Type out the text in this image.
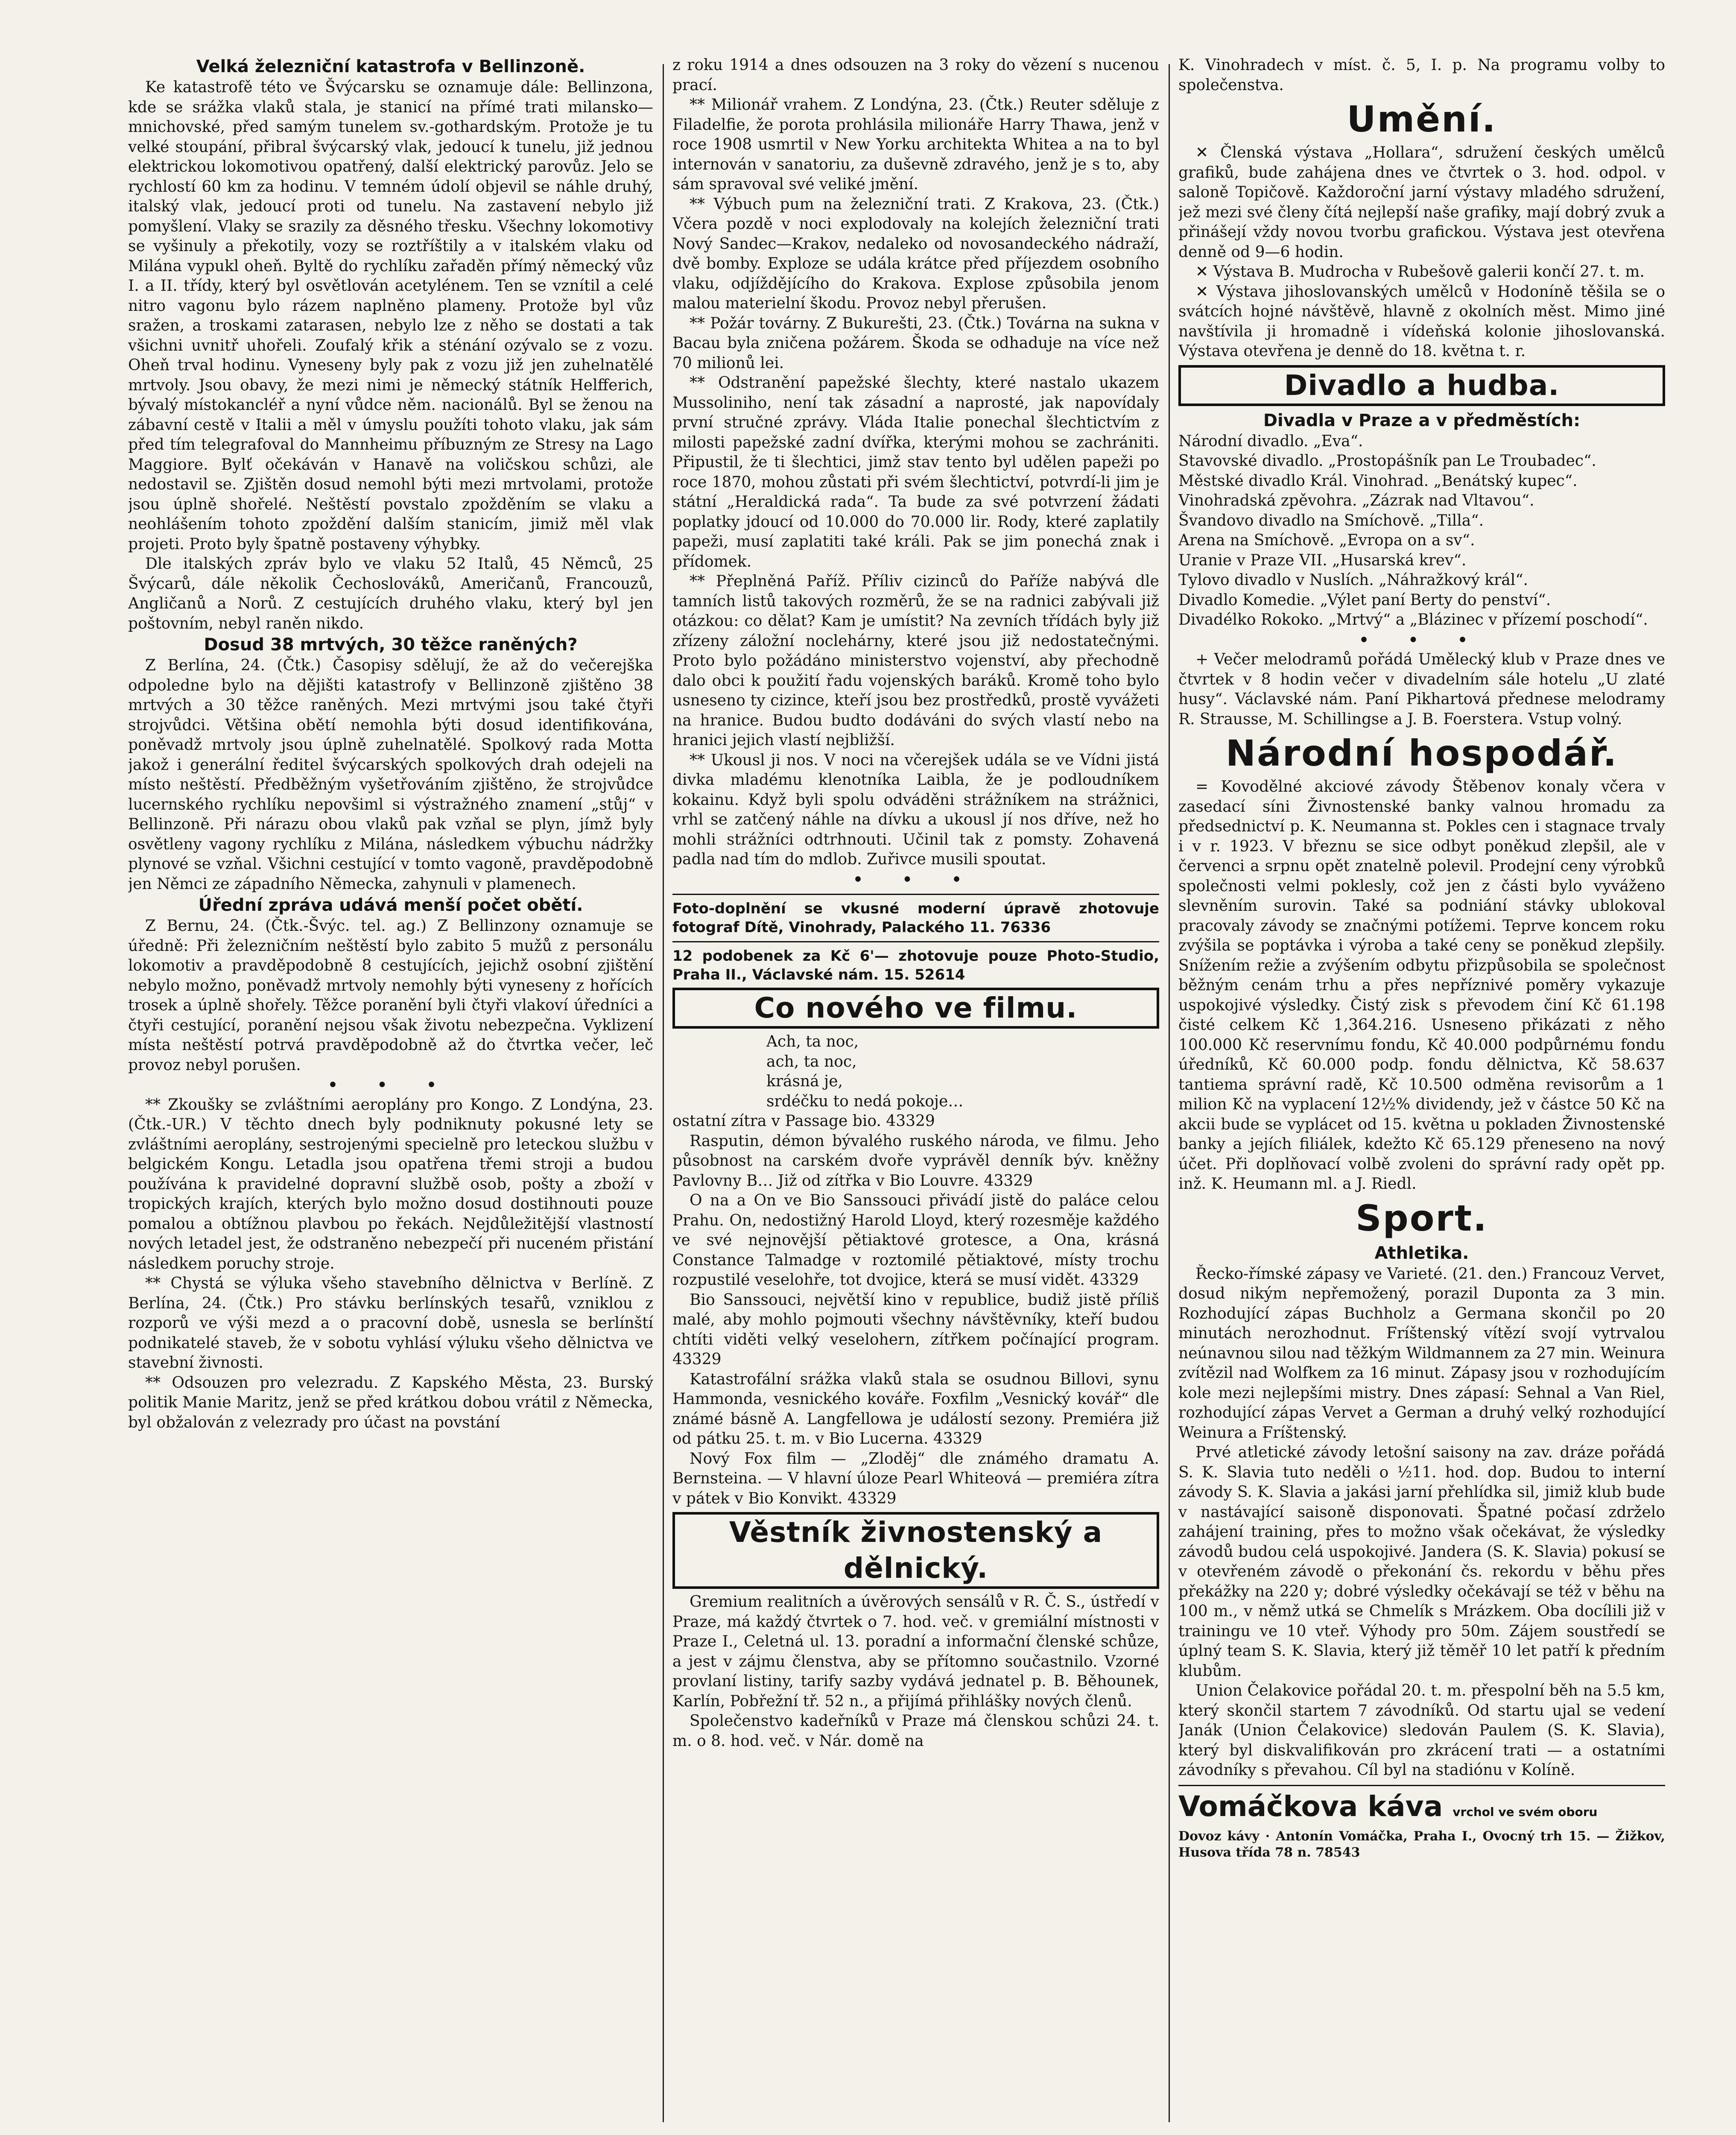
Velká železniční katastrofa v Bellinzoně.

Ke katastrofě této ve Švýcarsku se oznamuje dále: Bellinzona, kde se srážka vlaků stala, je stanicí na přímé trati milansko—mnichovské, před samým tunelem sv.-gothardským. Protože je tu velké stoupání, přibral švýcarský vlak, jedoucí k tunelu, již jednou elektrickou lokomotivou opatřený, další elektrický parovůz. Jelo se rychlostí 60 km za hodinu. V temném údolí objevil se náhle druhý, italský vlak, jedoucí proti od tunelu. Na zastavení nebylo již pomyšlení. Vlaky se srazily za děsného třesku. Všechny lokomotivy se vyšinuly a překotily, vozy se roztříštily a v italském vlaku od Milána vypukl oheň. Byltě do rychlíku zařaděn přímý německý vůz I. a II. třídy, který byl osvětlován acetylénem. Ten se vznítil a celé nitro vagonu bylo rázem naplněno plameny. Protože byl vůz sražen, a troskami zatarasen, nebylo lze z něho se dostati a tak všichni uvnitř uhořeli. Zoufalý křik a sténání ozývalo se z vozu. Oheň trval hodinu. Vyneseny byly pak z vozu již jen zuhelnatělé mrtvoly. Jsou obavy, že mezi nimi je německý státník Helfferich, bývalý místokancléř a nyní vůdce něm. nacionálů. Byl se ženou na zábavní cestě v Italii a měl v úmyslu použíti tohoto vlaku, jak sám před tím telegrafoval do Mannheimu příbuzným ze Stresy na Lago Maggiore. Bylť očekáván v Hanavě na voličskou schůzi, ale nedostavil se. Zjištěn dosud nemohl býti mezi mrtvolami, protože jsou úplně shořelé. Neštěstí povstalo zpožděním se vlaku a neohlášením tohoto zpoždění dalším stanicím, jimiž měl vlak projeti. Proto byly špatně postaveny výhybky.

Dle italských zpráv bylo ve vlaku 52 Italů, 45 Němců, 25 Švýcarů, dále několik Čechoslováků, Američanů, Francouzů, Angličanů a Norů. Z cestujících druhého vlaku, který byl jen poštovním, nebyl raněn nikdo.

Dosud 38 mrtvých, 30 těžce raněných?

Z Berlína, 24. (Čtk.) Časopisy sdělují, že až do večerejška odpoledne bylo na dějišti katastrofy v Bellinzoně zjištěno 38 mrtvých a 30 těžce raněných. Mezi mrtvými jsou také čtyři strojvůdci. Většina obětí nemohla býti dosud identifikována, poněvadž mrtvoly jsou úplně zuhelnatělé. Spolkový rada Motta jakož i generální ředitel švýcarských spolkových drah odejeli na místo neštěstí. Předběžným vyšetřováním zjištěno, že strojvůdce lucernského rychlíku nepovšiml si výstražného znamení „stůj“ v Bellinzoně. Při nárazu obou vlaků pak vzňal se plyn, jímž byly osvětleny vagony rychlíku z Milána, následkem výbuchu nádržky plynové se vzňal. Všichni cestující v tomto vagoně, pravděpodobně jen Němci ze západního Německa, zahynuli v plamenech.

Úřední zpráva udává menší počet obětí.

Z Bernu, 24. (Čtk.-Švýc. tel. ag.) Z Bellinzony oznamuje se úředně: Při železničním neštěstí bylo zabito 5 mužů z personálu lokomotiv a pravděpodobně 8 cestujících, jejichž osobní zjištění nebylo možno, poněvadž mrtvoly nemohly býti vyneseny z hořících trosek a úplně shořely. Těžce poranění byli čtyři vlakoví úředníci a čtyři cestující, poranění nejsou však životu nebezpečna. Vyklizení místa neštěstí potrvá pravděpodobně až do čtvrtka večer, leč provoz nebyl porušen.

• • •

** Zkoušky se zvláštními aeroplány pro Kongo. Z Londýna, 23. (Čtk.-UR.) V těchto dnech byly podniknuty pokusné lety se zvláštními aeroplány, sestrojenými specielně pro leteckou službu v belgickém Kongu. Letadla jsou opatřena třemi stroji a budou používána k pravidelné dopravní službě osob, pošty a zboží v tropických krajích, kterých bylo možno dosud dostihnouti pouze pomalou a obtížnou plavbou po řekách. Nejdůležitější vlastností nových letadel jest, že odstraněno nebezpečí při nuceném přistání následkem poruchy stroje.

** Chystá se výluka všeho stavebního dělnictva v Berlíně. Z Berlína, 24. (Čtk.) Pro stávku berlínských tesařů, vzniklou z rozporů ve výši mezd a o pracovní době, usnesla se berlínští podnikatelé staveb, že v sobotu vyhlásí výluku všeho dělnictva ve stavební živnosti.

** Odsouzen pro velezradu. Z Kapského Města, 23. Burský politik Manie Maritz, jenž se před krátkou dobou vrátil z Německa, byl obžalován z velezrady pro účast na povstání

z roku 1914 a dnes odsouzen na 3 roky do vězení s nucenou prací.

** Milionář vrahem. Z Londýna, 23. (Čtk.) Reuter sděluje z Filadelfie, že porota prohlásila milionáře Harry Thawa, jenž v roce 1908 usmrtil v New Yorku architekta Whitea a na to byl internován v sanatoriu, za duševně zdravého, jenž je s to, aby sám spravoval své veliké jmění.

** Výbuch pum na železniční trati. Z Krakova, 23. (Čtk.) Včera pozdě v noci explodovaly na kolejích železniční trati Nový Sandec—Krakov, nedaleko od novosandeckého nádraží, dvě bomby. Exploze se udála krátce před příjezdem osobního vlaku, odjíždějícího do Krakova. Explose způsobila jenom malou materielní škodu. Provoz nebyl přerušen.

** Požár továrny. Z Bukurešti, 23. (Čtk.) Továrna na sukna v Bacau byla zničena požárem. Škoda se odhaduje na více než 70 milionů lei.

** Odstranění papežské šlechty, které nastalo ukazem Mussoliniho, není tak zásadní a naprosté, jak napovídaly první stručné zprávy. Vláda Italie ponechal šlechtictvím z milosti papežské zadní dvířka, kterými mohou se zachrániti. Připustil, že ti šlechtici, jimž stav tento byl udělen papeži po roce 1870, mohou zůstati při svém šlechtictví, potvrdí-li jim je státní „Heraldická rada“. Ta bude za své potvrzení žádati poplatky jdoucí od 10.000 do 70.000 lir. Rody, které zaplatily papeži, musí zaplatiti také králi. Pak se jim ponechá znak i přídomek.

** Přeplněná Paříž. Příliv cizinců do Paříže nabývá dle tamních listů takových rozměrů, že se na radnici zabývali již otázkou: co dělat? Kam je umístit? Na zevních třídách byly již zřízeny záložní noclehárny, které jsou již nedostatečnými. Proto bylo požádáno ministerstvo vojenství, aby přechodně dalo obci k použití řadu vojenských baráků. Kromě toho bylo usneseno ty cizince, kteří jsou bez prostředků, prostě vyvážeti na hranice. Budou budto dodáváni do svých vlastí nebo na hranici jejich vlastí nejbližší.

** Ukousl ji nos. V noci na včerejšek udála se ve Vídni jistá divka mladému klenotníka Laibla, že je podloudníkem kokainu. Když byli spolu odváděni strážníkem na strážnici, vrhl se zatčený náhle na dívku a ukousl jí nos dříve, než ho mohli strážníci odtrhnouti. Učinil tak z pomsty. Zohavená padla nad tím do mdlob. Zuřivce musili spoutat.

• • •

Foto-doplnění se vkusné moderní úpravě zhotovuje fotograf Dítě, Vinohrady, Palackého 11. 76336

12 podobenek za Kč 6'— zhotovuje pouze Photo-Studio, Praha II., Václavské nám. 15. 52614

Co nového ve filmu.

Ach, ta noc,

ach, ta noc,

krásná je,

srdéčku to nedá pokoje…

ostatní zítra v Passage bio. 43329

Rasputin, démon bývalého ruského národa, ve filmu. Jeho působnost na carském dvoře vyprávěl denník býv. kněžny Pavlovny B… Již od zítřka v Bio Louvre. 43329

O na a On ve Bio Sanssouci přivádí jistě do paláce celou Prahu. On, nedostižný Harold Lloyd, který rozesměje každého ve své nejnovější pětiaktové grotesce, a Ona, krásná Constance Talmadge v roztomilé pětiaktové, místy trochu rozpustilé veselohře, tot dvojice, která se musí vidět. 43329

Bio Sanssouci, největší kino v republice, budiž jistě příliš malé, aby mohlo pojmouti všechny návštěvníky, kteří budou chtíti viděti velký veselohern, zítřkem počínající program. 43329

Katastrofální srážka vlaků stala se osudnou Billovi, synu Hammonda, vesnického kováře. Foxfilm „Vesnický kovář“ dle známé básně A. Langfellowa je událostí sezony. Premiéra již od pátku 25. t. m. v Bio Lucerna. 43329

Nový Fox film — „Zloděj“ dle známého dramatu A. Bernsteina. — V hlavní úloze Pearl Whiteová — premiéra zítra v pátek v Bio Konvikt. 43329

Věstník živnostenský a dělnický.

Gremium realitních a úvěrových sensálů v R. Č. S., ústředí v Praze, má každý čtvrtek o 7. hod. več. v gremiální místnosti v Praze I., Celetná ul. 13. poradní a informační členské schůze, a jest v zájmu členstva, aby se přítomno součastnilo. Vzorné provlaní listiny, tarify sazby vydává jednatel p. B. Běhounek, Karlín, Pobřežní tř. 52 n., a přijímá přihlášky nových členů.

Společenstvo kadeřníků v Praze má členskou schůzi 24. t. m. o 8. hod. več. v Nár. domě na

K. Vinohradech v míst. č. 5, I. p. Na programu volby to společenstva.

Umění.

✕ Členská výstava „Hollara“, sdružení českých umělců grafiků, bude zahájena dnes ve čtvrtek o 3. hod. odpol. v saloně Topičově. Každoroční jarní výstavy mladého sdružení, jež mezi své členy čítá nejlepší naše grafiky, mají dobrý zvuk a přinášejí vždy novou tvorbu grafickou. Výstava jest otevřena denně od 9—6 hodin.

✕ Výstava B. Mudrocha v Rubešově galerii končí 27. t. m.

✕ Výstava jihoslovanských umělců v Hodoníně těšila se o svátcích hojné návštěvě, hlavně z okolních měst. Mimo jiné navštívila ji hromadně i vídeňská kolonie jihoslovanská. Výstava otevřena je denně do 18. května t. r.

Divadlo a hudba.

Divadla v Praze a v předměstích:

Národní divadlo. „Eva“.

Stavovské divadlo. „Prostopášník pan Le Troubadec“.

Městské divadlo Král. Vinohrad. „Benátský kupec“.

Vinohradská zpěvohra. „Zázrak nad Vltavou“.

Švandovo divadlo na Smíchově. „Tilla“.

Arena na Smíchově. „Evropa on a sv“.

Uranie v Praze VII. „Husarská krev“.

Tylovo divadlo v Nuslích. „Náhražkový král“.

Divadlo Komedie. „Výlet paní Berty do penství“.

Divadélko Rokoko. „Mrtvý“ a „Blázinec v přízemí poschodí“.

• • •

+ Večer melodramů pořádá Umělecký klub v Praze dnes ve čtvrtek v 8 hodin večer v divadelním sále hotelu „U zlaté husy“. Václavské nám. Paní Pikhartová přednese melodramy R. Strausse, M. Schillingse a J. B. Foerstera. Vstup volný.

Národní hospodář.

= Kovodělné akciové závody Štěbenov konaly včera v zasedací síni Živnostenské banky valnou hromadu za předsednictví p. K. Neumanna st. Pokles cen i stagnace trvaly i v r. 1923. V březnu se sice odbyt poněkud zlepšil, ale v červenci a srpnu opět znatelně polevil. Prodejní ceny výrobků společnosti velmi poklesly, což jen z části bylo vyváženo slevněním surovin. Také sa podniání stávky ublokoval pracovaly závody se značnými potížemi. Teprve koncem roku zvýšila se poptávka i výroba a také ceny se poněkud zlepšily. Snížením režie a zvýšením odbytu přizpůsobila se společnost běžným cenám trhu a přes nepříznivé poměry vykazuje uspokojivé výsledky. Čistý zisk s převodem činí Kč 61.198 čisté celkem Kč 1,364.216. Usneseno přikázati z něho 100.000 Kč reservnímu fondu, Kč 40.000 podpůrnému fondu úředníků, Kč 60.000 podp. fondu dělnictva, Kč 58.637 tantiema správní radě, Kč 10.500 odměna revisorům a 1 milion Kč na vyplacení 12½% dividendy, jež v částce 50 Kč na akcii bude se vyplácet od 15. května u pokladen Živnostenské banky a jejích filiálek, kdežto Kč 65.129 přeneseno na nový účet. Při doplňovací volbě zvoleni do správní rady opět pp. inž. K. Heumann ml. a J. Riedl.

Sport.

Athletika.

Řecko-římské zápasy ve Varieté. (21. den.) Francouz Vervet, dosud nikým nepřemožený, porazil Duponta za 3 min. Rozhodující zápas Buchholz a Germana skončil po 20 minutách nerozhodnut. Fríštenský vítězí svojí vytrvalou neúnavnou silou nad těžkým Wildmannem za 27 min. Weinura zvítězil nad Wolfkem za 16 minut. Zápasy jsou v rozhodujícím kole mezi nejlepšími mistry. Dnes zápasí: Sehnal a Van Riel, rozhodující zápas Vervet a German a druhý velký rozhodující Weinura a Fríštenský.

Prvé atletické závody letošní saisony na zav. dráze pořádá S. K. Slavia tuto neděli o ½11. hod. dop. Budou to interní závody S. K. Slavia a jakási jarní přehlídka sil, jimiž klub bude v nastávající saisoně disponovati. Špatné počasí zdrželo zahájení training, přes to možno však očekávat, že výsledky závodů budou celá uspokojivé. Jandera (S. K. Slavia) pokusí se v otevřeném závodě o překonání čs. rekordu v běhu přes překážky na 220 y; dobré výsledky očekávají se též v běhu na 100 m., v němž utká se Chmelík s Mrázkem. Oba docílili již v trainingu ve 10 vteř. Výhody pro 50m. Zájem soustředí se úplný team S. K. Slavia, který již těměř 10 let patří k předním klubům.

Union Čelakovice pořádal 20. t. m. přespolní běh na 5.5 km, který skončil startem 7 závodníků. Od startu ujal se vedení Janák (Union Čelakovice) sledován Paulem (S. K. Slavia), který byl diskvalifikován pro zkrácení trati — a ostatními závodníky s převahou. Cíl byl na stadiónu v Kolíně.

Vomáčkova káva vrchol ve svém oboru
Dovoz kávy · Antonín Vomáčka, Praha I., Ovocný trh 15. — Žižkov, Husova třída 78 n. 78543
